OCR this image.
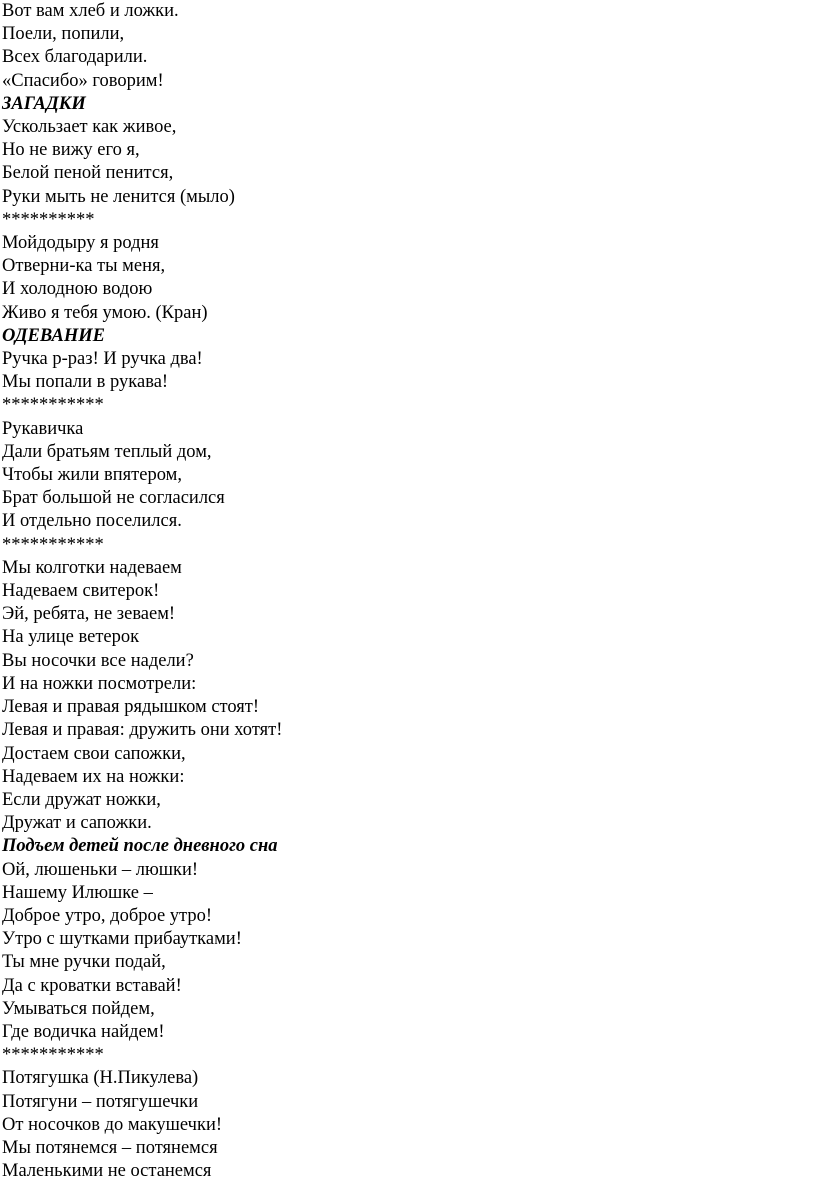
Вот вам хлеб и ложки.
Поели, попили,
Всех благодарили.
«Спасибо» говорим!
ЗАГАДКИ
Ускользает как живое,
Но не вижу его я,
Белой пеной пенится,
Руки мыть не ленится (мыло)
**********
Мойдодыру я родня
Отверни-ка ты меня,
И холодною водою
Живо я тебя умою. (Кран)
ОДЕВАНИЕ
Ручка р-раз! И ручка два!
Мы попали в рукава!
***********
Рукавичка
Дали братьям теплый дом,
Чтобы жили впятером,
Брат большой не согласился
И отдельно поселился.
***********
Мы колготки надеваем
Надеваем свитерок!
Эй, ребята, не зеваем!
На улице ветерок
Вы носочки все надели?
И на ножки посмотрели:
Левая и правая рядышком стоят!
Левая и правая: дружить они хотят!
Достаем свои сапожки,
Надеваем их на ножки:
Если дружат ножки,
Дружат и сапожки.
Подъем детей после дневного сна
Ой, люшеньки – люшки!
Нашему Илюшке –
Доброе утро, доброе утро!
Утро с шутками прибаутками!
Ты мне ручки подай,
Да с кроватки вставай!
Умываться пойдем,
Где водичка найдем!
***********
Потягушка (Н.Пикулева)
Потягуни – потягушечки
От носочков до макушечки!
Мы потянемся – потянемся
Маленькими не останемся
